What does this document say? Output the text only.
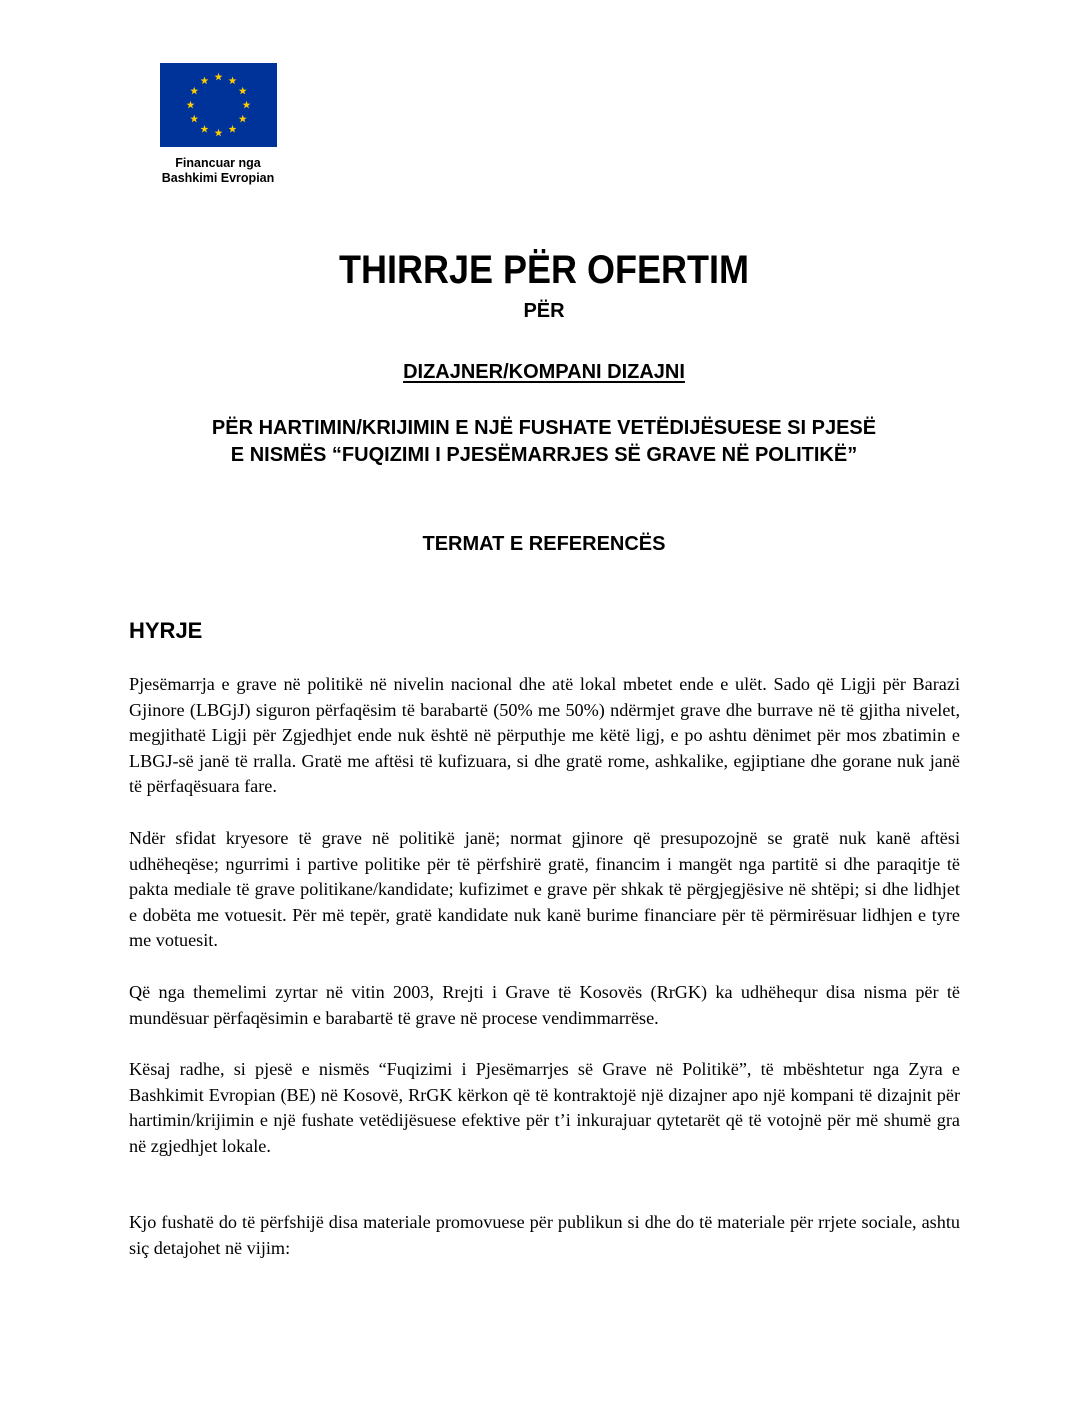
Financuar nga
Bashkimi Evropian
THIRRJE PËR OFERTIM
PËR
DIZAJNER/KOMPANI DIZAJNI
PËR HARTIMIN/KRIJIMIN E NJË FUSHATE VETËDIJËSUESE SI PJESË
E NISMËS “FUQIZIMI I PJESËMARRJES SË GRAVE NË POLITIKË”
TERMAT E REFERENCËS
HYRJE

Pjesëmarrja e grave në politikë në nivelin nacional dhe atë lokal mbetet ende e ulët. Sado që Ligji për Barazi Gjinore (LBGjJ) siguron përfaqësim të barabartë (50% me 50%) ndërmjet grave dhe burrave në të gjitha nivelet, megjithatë Ligji për Zgjedhjet ende nuk është në përputhje me këtë ligj, e po ashtu dënimet për mos zbatimin e LBGJ-së janë të rralla. Gratë me aftësi të kufizuara, si dhe gratë rome, ashkalike, egjiptiane dhe gorane nuk janë të përfaqësuara fare.

Ndër sfidat kryesore të grave në politikë janë; normat gjinore që presupozojnë se gratë nuk kanë aftësi udhëheqëse; ngurrimi i partive politike për të përfshirë gratë, financim i mangët nga partitë si dhe paraqitje të pakta mediale të grave politikane/kandidate; kufizimet e grave për shkak të përgjegjësive në shtëpi; si dhe lidhjet e dobëta me votuesit. Për më tepër, gratë kandidate nuk kanë burime financiare për të përmirësuar lidhjen e tyre me votuesit.

Që nga themelimi zyrtar në vitin 2003, Rrejti i Grave të Kosovës (RrGK) ka udhëhequr disa nisma për të mundësuar përfaqësimin e barabartë të grave në procese vendimmarrëse.

Kësaj radhe, si pjesë e nismës “Fuqizimi i Pjesëmarrjes së Grave në Politikë”, të mbështetur nga Zyra e Bashkimit Evropian (BE) në Kosovë, RrGK kërkon që të kontraktojë një dizajner apo një kompani të dizajnit për hartimin/krijimin e një fushate vetëdijësuese efektive për t’i inkurajuar qytetarët që të votojnë për më shumë gra në zgjedhjet lokale.

Kjo fushatë do të përfshijë disa materiale promovuese për publikun si dhe do të materiale për rrjete sociale, ashtu siç detajohet në vijim:
